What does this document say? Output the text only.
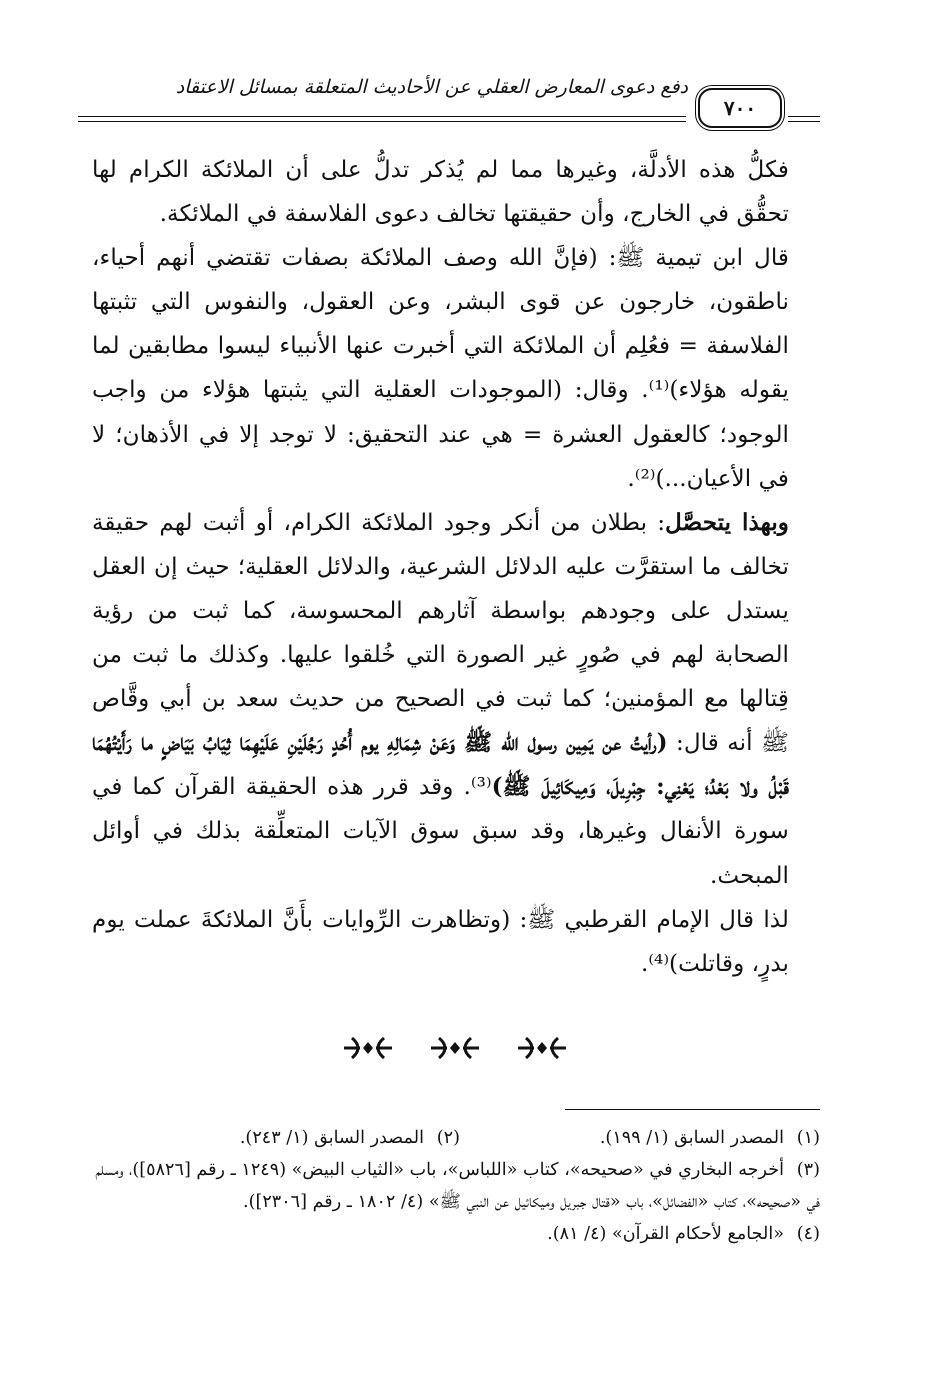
دفع دعوى المعارض العقلي عن الأحاديث المتعلقة بمسائل الاعتقاد
٧٠٠

فكلُّ هذه الأدلَّة، وغيرها مما لم يُذكر تدلُّ على أن الملائكة الكرام لها تحقُّق في الخارج، وأن حقيقتها تخالف دعوى الفلاسفة في الملائكة.

قال ابن تيمية ﷺ: (فإنَّ الله وصف الملائكة بصفات تقتضي أنهم أحياء، ناطقون، خارجون عن قوى البشر، وعن العقول، والنفوس التي تثبتها الفلاسفة = فعُلِم أن الملائكة التي أخبرت عنها الأنبياء ليسوا مطابقين لما يقوله هؤلاء)⁽¹⁾. وقال: (الموجودات العقلية التي يثبتها هؤلاء من واجب الوجود؛ كالعقول العشرة = هي عند التحقيق: لا توجد إلا في الأذهان؛ لا في الأعيان...)⁽²⁾.

وبهذا يتحصَّل: بطلان من أنكر وجود الملائكة الكرام، أو أثبت لهم حقيقة تخالف ما استقرَّت عليه الدلائل الشرعية، والدلائل العقلية؛ حيث إن العقل يستدل على وجودهم بواسطة آثارهم المحسوسة، كما ثبت من رؤية الصحابة لهم في صُورٍ غير الصورة التي خُلقوا عليها. وكذلك ما ثبت من قِتالها مع المؤمنين؛ كما ثبت في الصحيح من حديث سعد بن أبي وقَّاص ﷺ أنه قال: (رأيتُ عن يَمِين رسول الله ﷺ وَعَنْ شِمَالِهِ يوم أُحُدٍ رَجُلَيْنِ عَلَيْهِمَا ثِيَابُ بَيَاضٍ ما رَأَيْتُهُمَا قَبْلُ ولا بَعْدُ؛ يَعْنِي: جِبْرِيلَ، وَمِيكَائِيلَ ﷺ)⁽³⁾. وقد قرر هذه الحقيقة القرآن كما في سورة الأنفال وغيرها، وقد سبق سوق الآيات المتعلِّقة بذلك في أوائل المبحث.

لذا قال الإمام القرطبي ﷺ: (وتظاهرت الرِّوايات بأَنَّ الملائكةَ عملت يوم بدرٍ، وقاتلت)⁽⁴⁾.

(١)المصدر السابق (١/ ١٩٩).
(٢)المصدر السابق (١/ ٢٤٣).

(٣)أخرجه البخاري في «صحيحه»، كتاب «اللباس»، باب «الثياب البيض» (١٢٤٩ ـ رقم [٥٨٢٦])، ومسلم في «صحيحه»، كتاب «الفضائل»، باب «قتال جبريل وميكائيل عن النبي ﷺ» (٤/ ١٨٠٢ ـ رقم [٢٣٠٦]).

(٤)«الجامع لأحكام القرآن» (٤/ ٨١).
